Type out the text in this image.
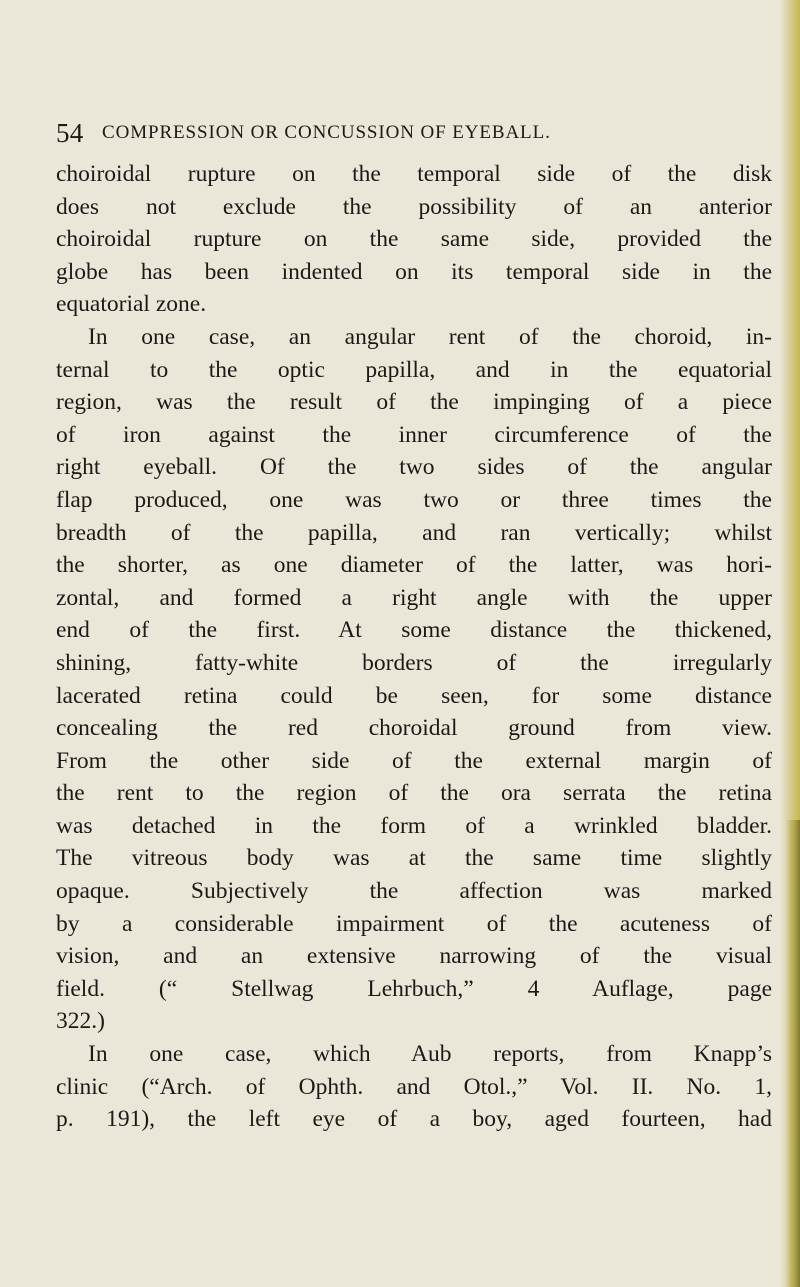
54 COMPRESSION OR CONCUSSION OF EYEBALL.
choiroidal rupture on the temporal side of the disk
does not exclude the possibility of an anterior
choiroidal rupture on the same side, provided the
globe has been indented on its temporal side in the
equatorial zone.
In one case, an angular rent of the choroid, in-
ternal to the optic papilla, and in the equatorial
region, was the result of the impinging of a piece
of iron against the inner circumference of the
right eyeball. Of the two sides of the angular
flap produced, one was two or three times the
breadth of the papilla, and ran vertically; whilst
the shorter, as one diameter of the latter, was hori-
zontal, and formed a right angle with the upper
end of the first. At some distance the thickened,
shining, fatty-white borders of the irregularly
lacerated retina could be seen, for some distance
concealing the red choroidal ground from view.
From the other side of the external margin of
the rent to the region of the ora serrata the retina
was detached in the form of a wrinkled bladder.
The vitreous body was at the same time slightly
opaque. Subjectively the affection was marked
by a considerable impairment of the acuteness of
vision, and an extensive narrowing of the visual
field. (“ Stellwag Lehrbuch,” 4 Auflage, page
322.)
In one case, which Aub reports, from Knapp’s
clinic (“Arch. of Ophth. and Otol.,” Vol. II. No. 1,
p. 191), the left eye of a boy, aged fourteen, had
